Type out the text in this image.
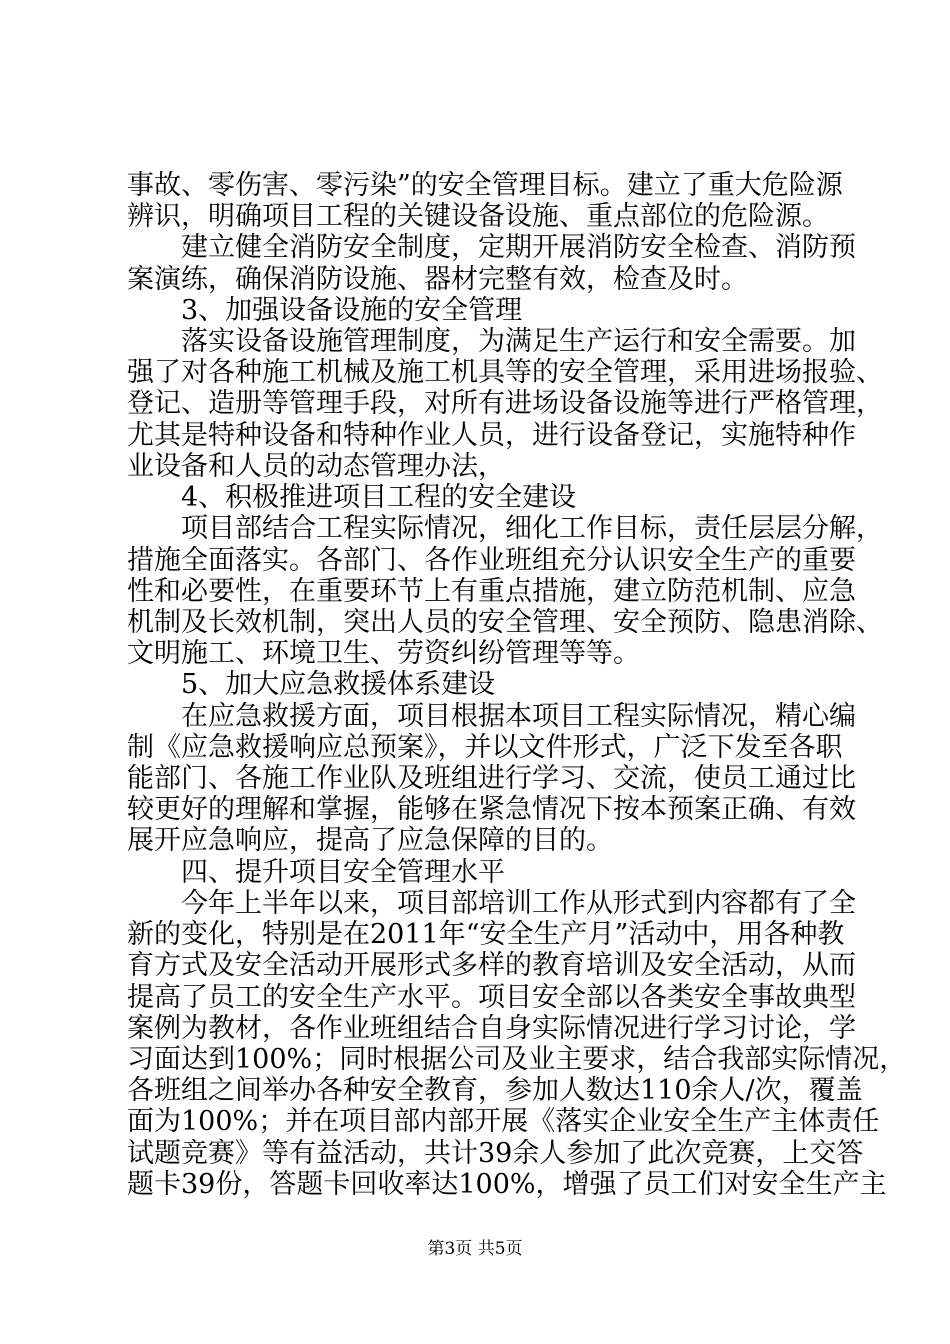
事故、零伤害、零污染”的安全管理目标。建立了重大危险源
辨识，明确项目工程的关键设备设施、重点部位的危险源。
建立健全消防安全制度，定期开展消防安全检查、消防预
案演练，确保消防设施、器材完整有效，检查及时。
3、加强设备设施的安全管理
落实设备设施管理制度，为满足生产运行和安全需要。加
强了对各种施工机械及施工机具等的安全管理，采用进场报验、
登记、造册等管理手段，对所有进场设备设施等进行严格管理，
尤其是特种设备和特种作业人员，进行设备登记，实施特种作
业设备和人员的动态管理办法，
4、积极推进项目工程的安全建设
项目部结合工程实际情况，细化工作目标，责任层层分解，
措施全面落实。各部门、各作业班组充分认识安全生产的重要
性和必要性，在重要环节上有重点措施，建立防范机制、应急
机制及长效机制，突出人员的安全管理、安全预防、隐患消除、
文明施工、环境卫生、劳资纠纷管理等等。
5、加大应急救援体系建设
在应急救援方面，项目根据本项目工程实际情况，精心编
制《应急救援响应总预案》，并以文件形式，广泛下发至各职
能部门、各施工作业队及班组进行学习、交流，使员工通过比
较更好的理解和掌握，能够在紧急情况下按本预案正确、有效
展开应急响应，提高了应急保障的目的。
四、提升项目安全管理水平
今年上半年以来，项目部培训工作从形式到内容都有了全
新的变化，特别是在2011年“安全生产月”活动中，用各种教
育方式及安全活动开展形式多样的教育培训及安全活动，从而
提高了员工的安全生产水平。项目安全部以各类安全事故典型
案例为教材，各作业班组结合自身实际情况进行学习讨论，学
习面达到100%；同时根据公司及业主要求，结合我部实际情况，
各班组之间举办各种安全教育，参加人数达110余人/次，覆盖
面为100%；并在项目部内部开展《落实企业安全生产主体责任
试题竞赛》等有益活动，共计39余人参加了此次竞赛，上交答
题卡39份，答题卡回收率达100%，增强了员工们对安全生产主
第3页 共5页
